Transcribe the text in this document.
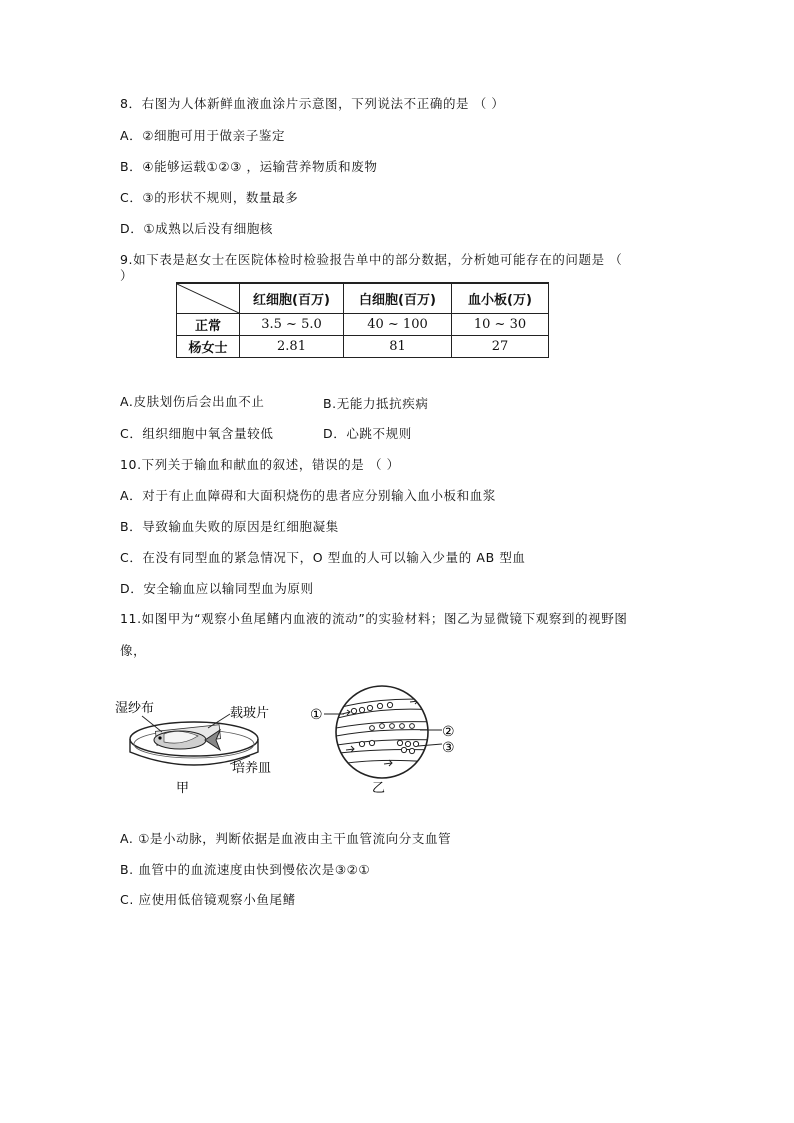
8．右图为人体新鲜血液血涂片示意图，下列说法不正确的是 （ ）
A．②细胞可用于做亲子鉴定
B．④能够运载①②③ ，运输营养物质和废物
C．③的形状不规则，数量最多
D．①成熟以后没有细胞核
9.如下表是赵女士在医院体检时检验报告单中的部分数据，分析她可能存在的问题是 （
）
	红细胞(百万)	白细胞(百万)	血小板(万)
正常	3.5 ~ 5.0	40 ~ 100	10 ~ 30
杨女士	2.81	81	27
A.皮肤划伤后会出血不止	B.无能力抵抗疾病
C．组织细胞中氧含量较低	D．心跳不规则
10.下列关于输血和献血的叙述，错误的是 （ ）
A．对于有止血障碍和大面积烧伤的患者应分别输入血小板和血浆
B．导致输血失败的原因是红细胞凝集
C．在没有同型血的紧急情况下，O 型血的人可以输入少量的 AB 型血
D．安全输血应以输同型血为原则
11.如图甲为“观察小鱼尾鳍内血液的流动”的实验材料；图乙为显微镜下观察到的视野图
像，
湿纱布	载玻片
培养皿
甲
①
②
③
乙
A. ①是小动脉，判断依据是血液由主干血管流向分支血管
B. 血管中的血流速度由快到慢依次是③②①
C. 应使用低倍镜观察小鱼尾鳍
